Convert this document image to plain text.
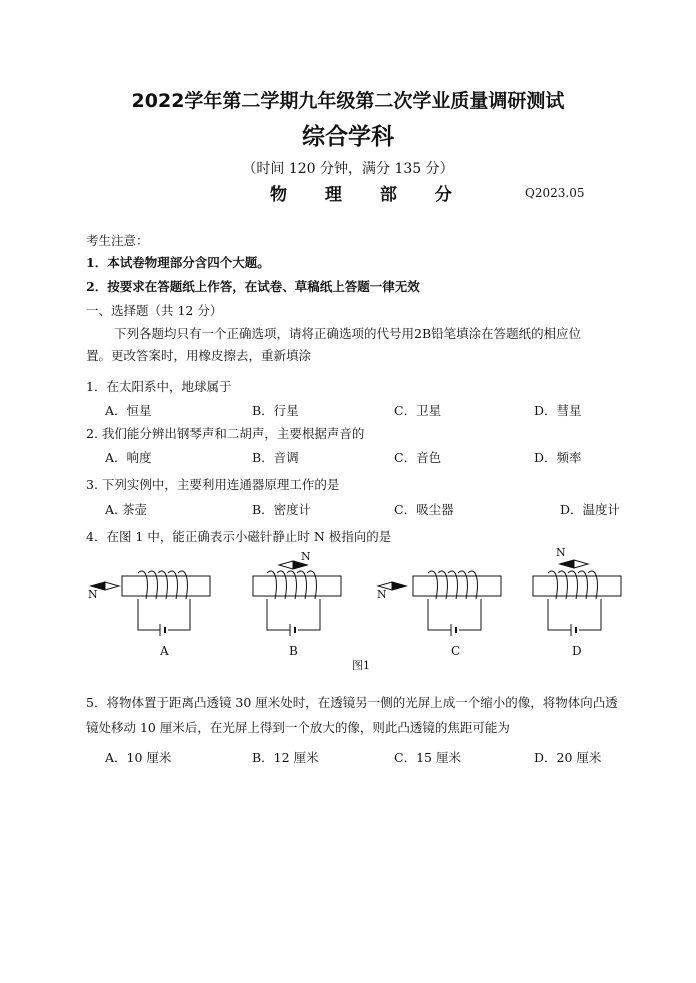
2022学年第二学期九年级第二次学业质量调研测试
综合学科
（时间 120 分钟，满分 135 分）
物 理 部 分	Q2023.05
考生注意：
1．本试卷物理部分含四个大题。
2．按要求在答题纸上作答，在试卷、草稿纸上答题一律无效
一、选择题（共 12 分）
下列各题均只有一个正确选项，请将正确选项的代号用2B铅笔填涂在答题纸的相应位
置。更改答案时，用橡皮擦去，重新填涂
1．在太阳系中，地球属于
A．恒星	B．行星	C．卫星	D．彗星
2. 我们能分辨出钢琴声和二胡声，主要根据声音的
A．响度	B．音调	C．音色	D．频率
3. 下列实例中，主要利用连通器原理工作的是
A. 茶壶	B．密度计	C．吸尘器	D．温度计
4．在图 1 中，能正确表示小磁针静止时 N 极指向的是
N
N
N
N
A	B	C	D
图1
5．将物体置于距离凸透镜 30 厘米处时，在透镜另一侧的光屏上成一个缩小的像，将物体向凸透
镜处移动 10 厘米后，在光屏上得到一个放大的像，则此凸透镜的焦距可能为
A．10 厘米	B．12 厘米	C．15 厘米	D．20 厘米
